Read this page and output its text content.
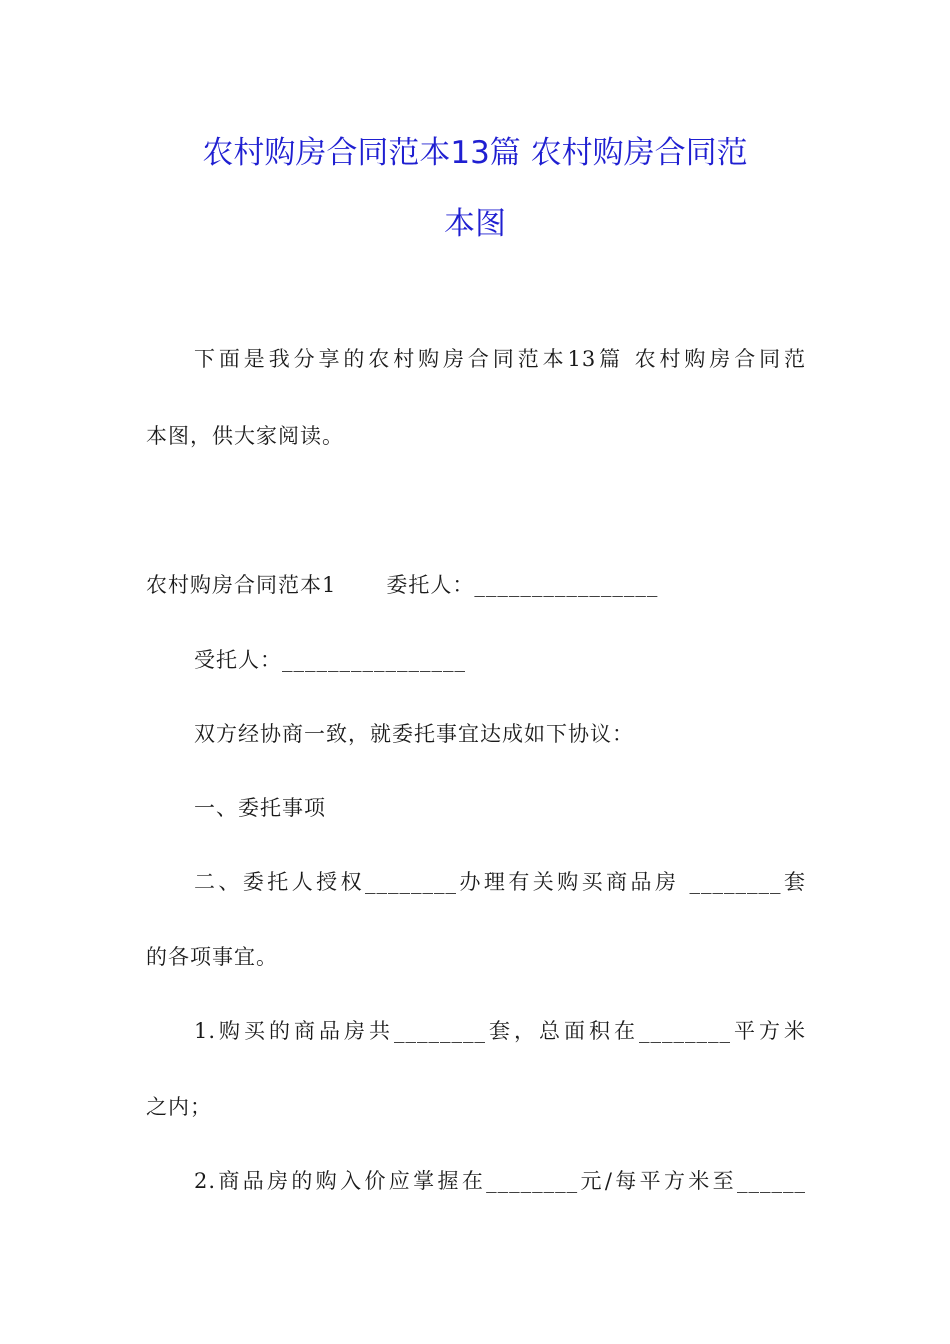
农村购房合同范本13篇 农村购房合同范
本图
下面是我分享的农村购房合同范本13篇 农村购房合同范
本图，供大家阅读。
农村购房合同范本1 委托人：________________
受托人：________________
双方经协商一致，就委托事宜达成如下协议：
一、委托事项
二、委托人授权________办理有关购买商品房 ________套
的各项事宜。
1.购买的商品房共________套，总面积在________平方米
之内；
2.商品房的购入价应掌握在________元/每平方米至______
